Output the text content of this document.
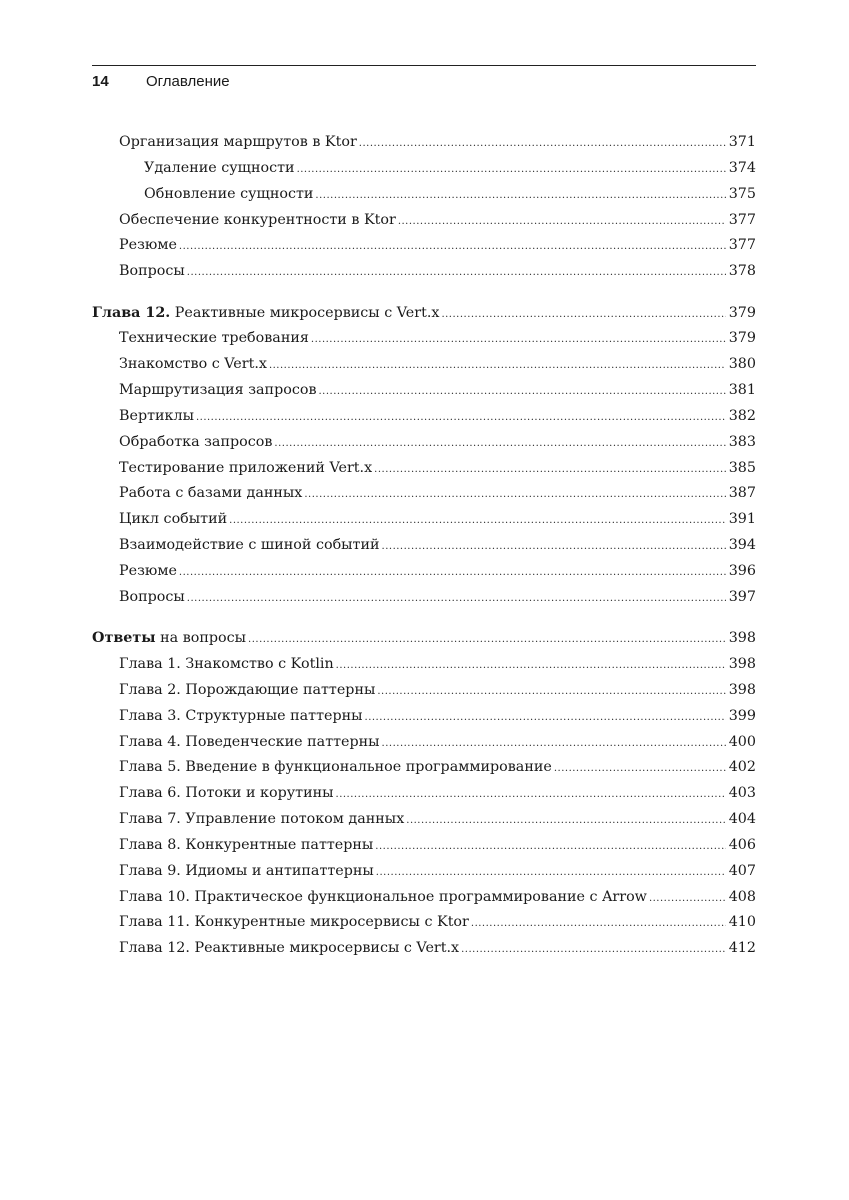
14 Оглавление
Организация маршрутов в Ktor .....	371
Удаление сущности .....	374
Обновление сущности .....	375
Обеспечение конкурентности в Ktor .....	377
Резюме .....	377
Вопросы .....	378
Глава 12. Реактивные микросервисы с Vert.x .....	379
Технические требования .....	379
Знакомство с Vert.x .....	380
Маршрутизация запросов .....	381
Вертиклы .....	382
Обработка запросов .....	383
Тестирование приложений Vert.x .....	385
Работа с базами данных .....	387
Цикл событий .....	391
Взаимодействие с шиной событий .....	394
Резюме .....	396
Вопросы .....	397
Ответы на вопросы .....	398
Глава 1. Знакомство с Kotlin .....	398
Глава 2. Порождающие паттерны .....	398
Глава 3. Структурные паттерны .....	399
Глава 4. Поведенческие паттерны .....	400
Глава 5. Введение в функциональное программирование .....	402
Глава 6. Потоки и корутины .....	403
Глава 7. Управление потоком данных .....	404
Глава 8. Конкурентные паттерны .....	406
Глава 9. Идиомы и антипаттерны .....	407
Глава 10. Практическое функциональное программирование с Arrow .....	408
Глава 11. Конкурентные микросервисы с Ktor .....	410
Глава 12. Реактивные микросервисы с Vert.x .....	412
